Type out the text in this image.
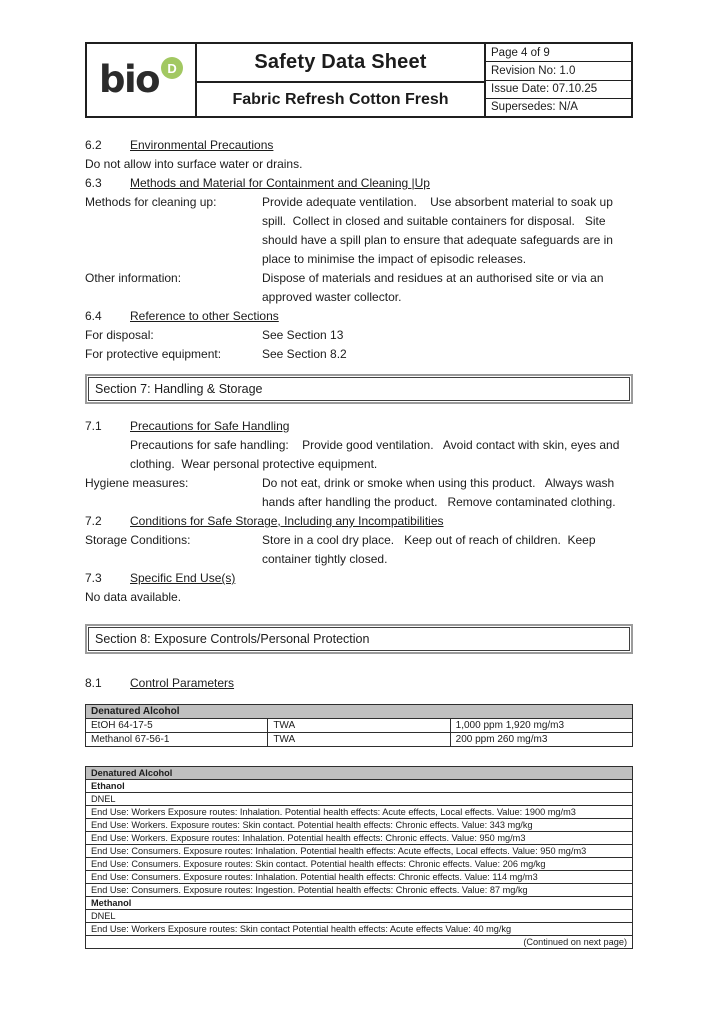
bio D	Safety Data Sheet
Fabric Refresh Cotton Fresh
Page 4 of 9
Revision No: 1.0
Issue Date: 07.10.25
Supersedes: N/A
6.2	Environmental Precautions
Do not allow into surface water or drains.
6.3	Methods and Material for Containment and Cleaning |Up
Methods for cleaning up:	Provide adequate ventilation.    Use absorbent material to soak up spill.  Collect in closed and suitable containers for disposal.   Site should have a spill plan to ensure that adequate safeguards are in place to minimise the impact of episodic releases.
Other information:	Dispose of materials and residues at an authorised site or via an approved waster collector.
6.4	Reference to other Sections
For disposal:	See Section 13
For protective equipment:	See Section 8.2
Section 7: Handling & Storage
7.1	Precautions for Safe Handling
Precautions for safe handling:    Provide good ventilation.   Avoid contact with skin, eyes and clothing.  Wear personal protective equipment.
Hygiene measures:	Do not eat, drink or smoke when using this product.   Always wash hands after handling the product.   Remove contaminated clothing.
7.2	Conditions for Safe Storage, Including any Incompatibilities
Storage Conditions:	Store in a cool dry place.   Keep out of reach of children.  Keep container tightly closed.
7.3	Specific End Use(s)
No data available.
Section 8: Exposure Controls/Personal Protection
8.1	Control Parameters
Denatured Alcohol		
EtOH 64-17-5	TWA	1,000 ppm 1,920 mg/m3
Methanol 67-56-1	TWA	200 ppm 260 mg/m3
Denatured Alcohol
Ethanol
DNEL
End Use: Workers Exposure routes: Inhalation. Potential health effects: Acute effects, Local effects. Value: 1900 mg/m3
End Use: Workers. Exposure routes: Skin contact. Potential health effects: Chronic effects. Value: 343 mg/kg
End Use: Workers. Exposure routes: Inhalation. Potential health effects: Chronic effects. Value: 950 mg/m3
End Use: Consumers. Exposure routes: Inhalation. Potential health effects: Acute effects, Local effects. Value: 950 mg/m3
End Use: Consumers. Exposure routes: Skin contact. Potential health effects: Chronic effects. Value: 206 mg/kg
End Use: Consumers. Exposure routes: Inhalation. Potential health effects: Chronic effects. Value: 114 mg/m3
End Use: Consumers. Exposure routes: Ingestion. Potential health effects: Chronic effects. Value: 87 mg/kg
Methanol
DNEL
End Use: Workers Exposure routes: Skin contact Potential health effects: Acute effects Value: 40 mg/kg
(Continued on next page)
